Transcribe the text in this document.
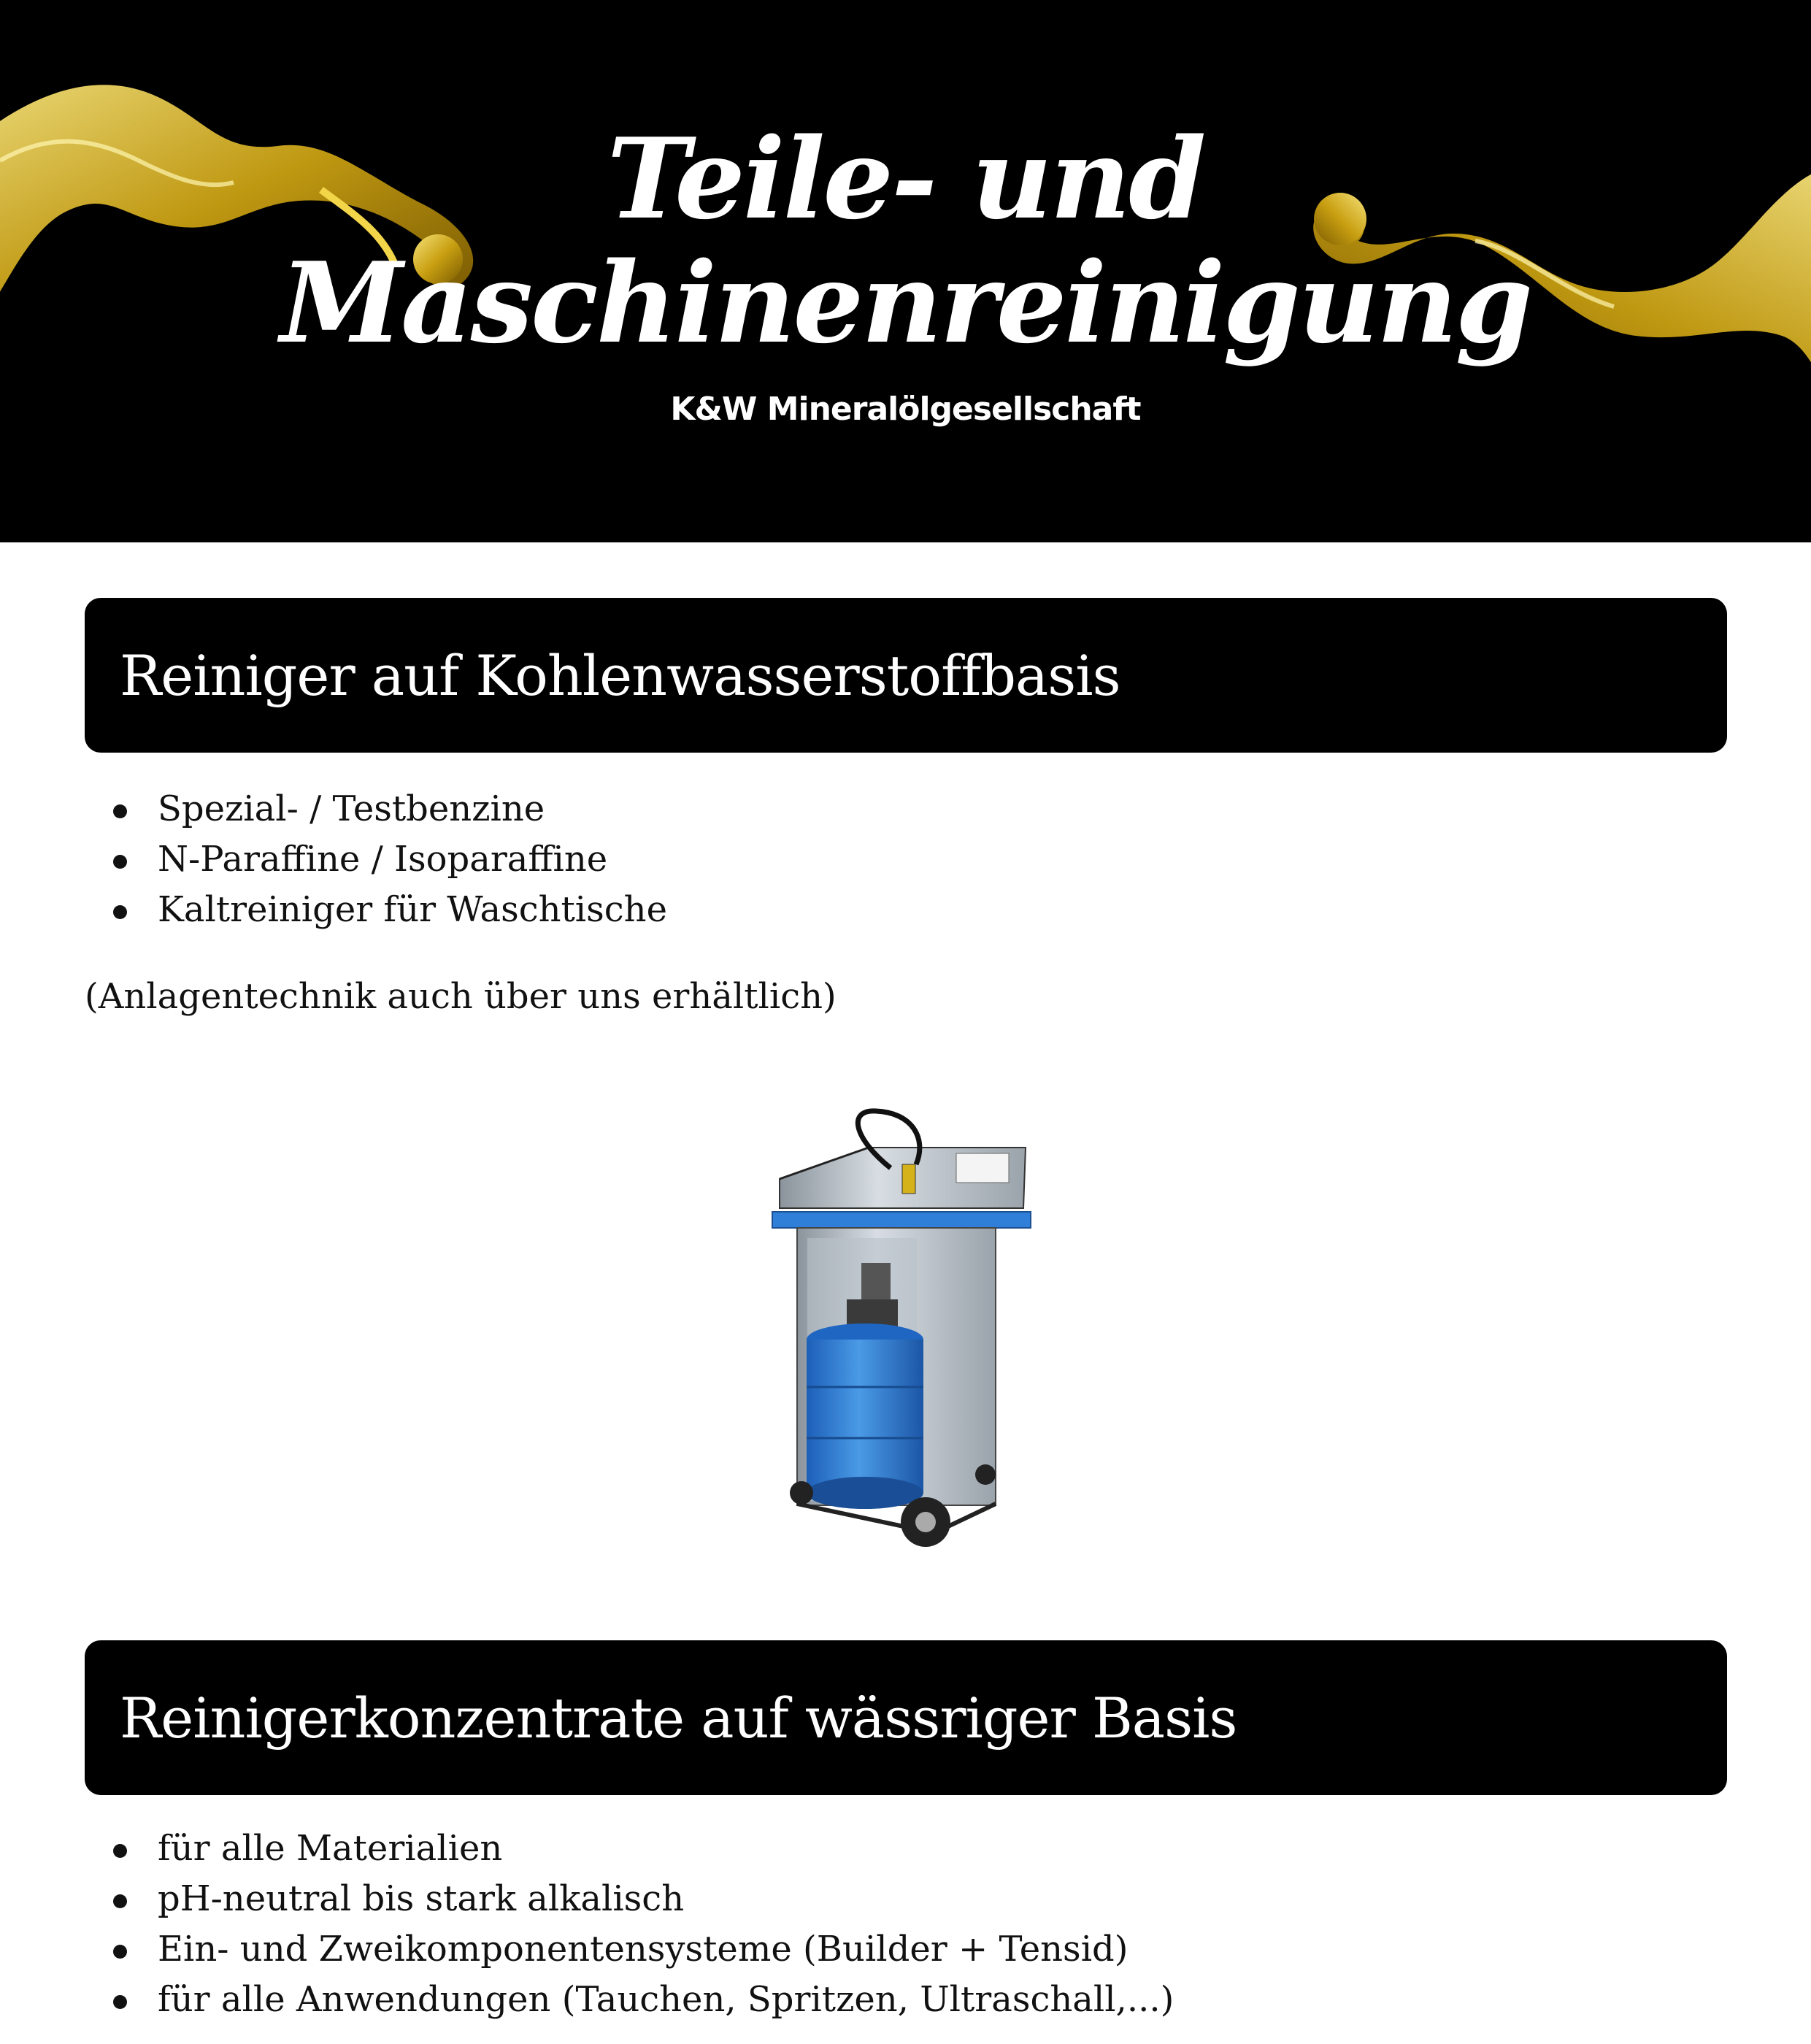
Teile- und
Maschinenreinigung
K&W Mineralölgesellschaft
Reiniger auf Kohlenwasserstoffbasis
Spezial- / Testbenzine
N-Paraffine / Isoparaffine
Kaltreiniger für Waschtische
(Anlagentechnik auch über uns erhältlich)
Reinigerkonzentrate auf wässriger Basis
für alle Materialien
pH-neutral bis stark alkalisch
Ein- und Zweikomponentensysteme (Builder + Tensid)
für alle Anwendungen (Tauchen, Spritzen, Ultraschall,...)
